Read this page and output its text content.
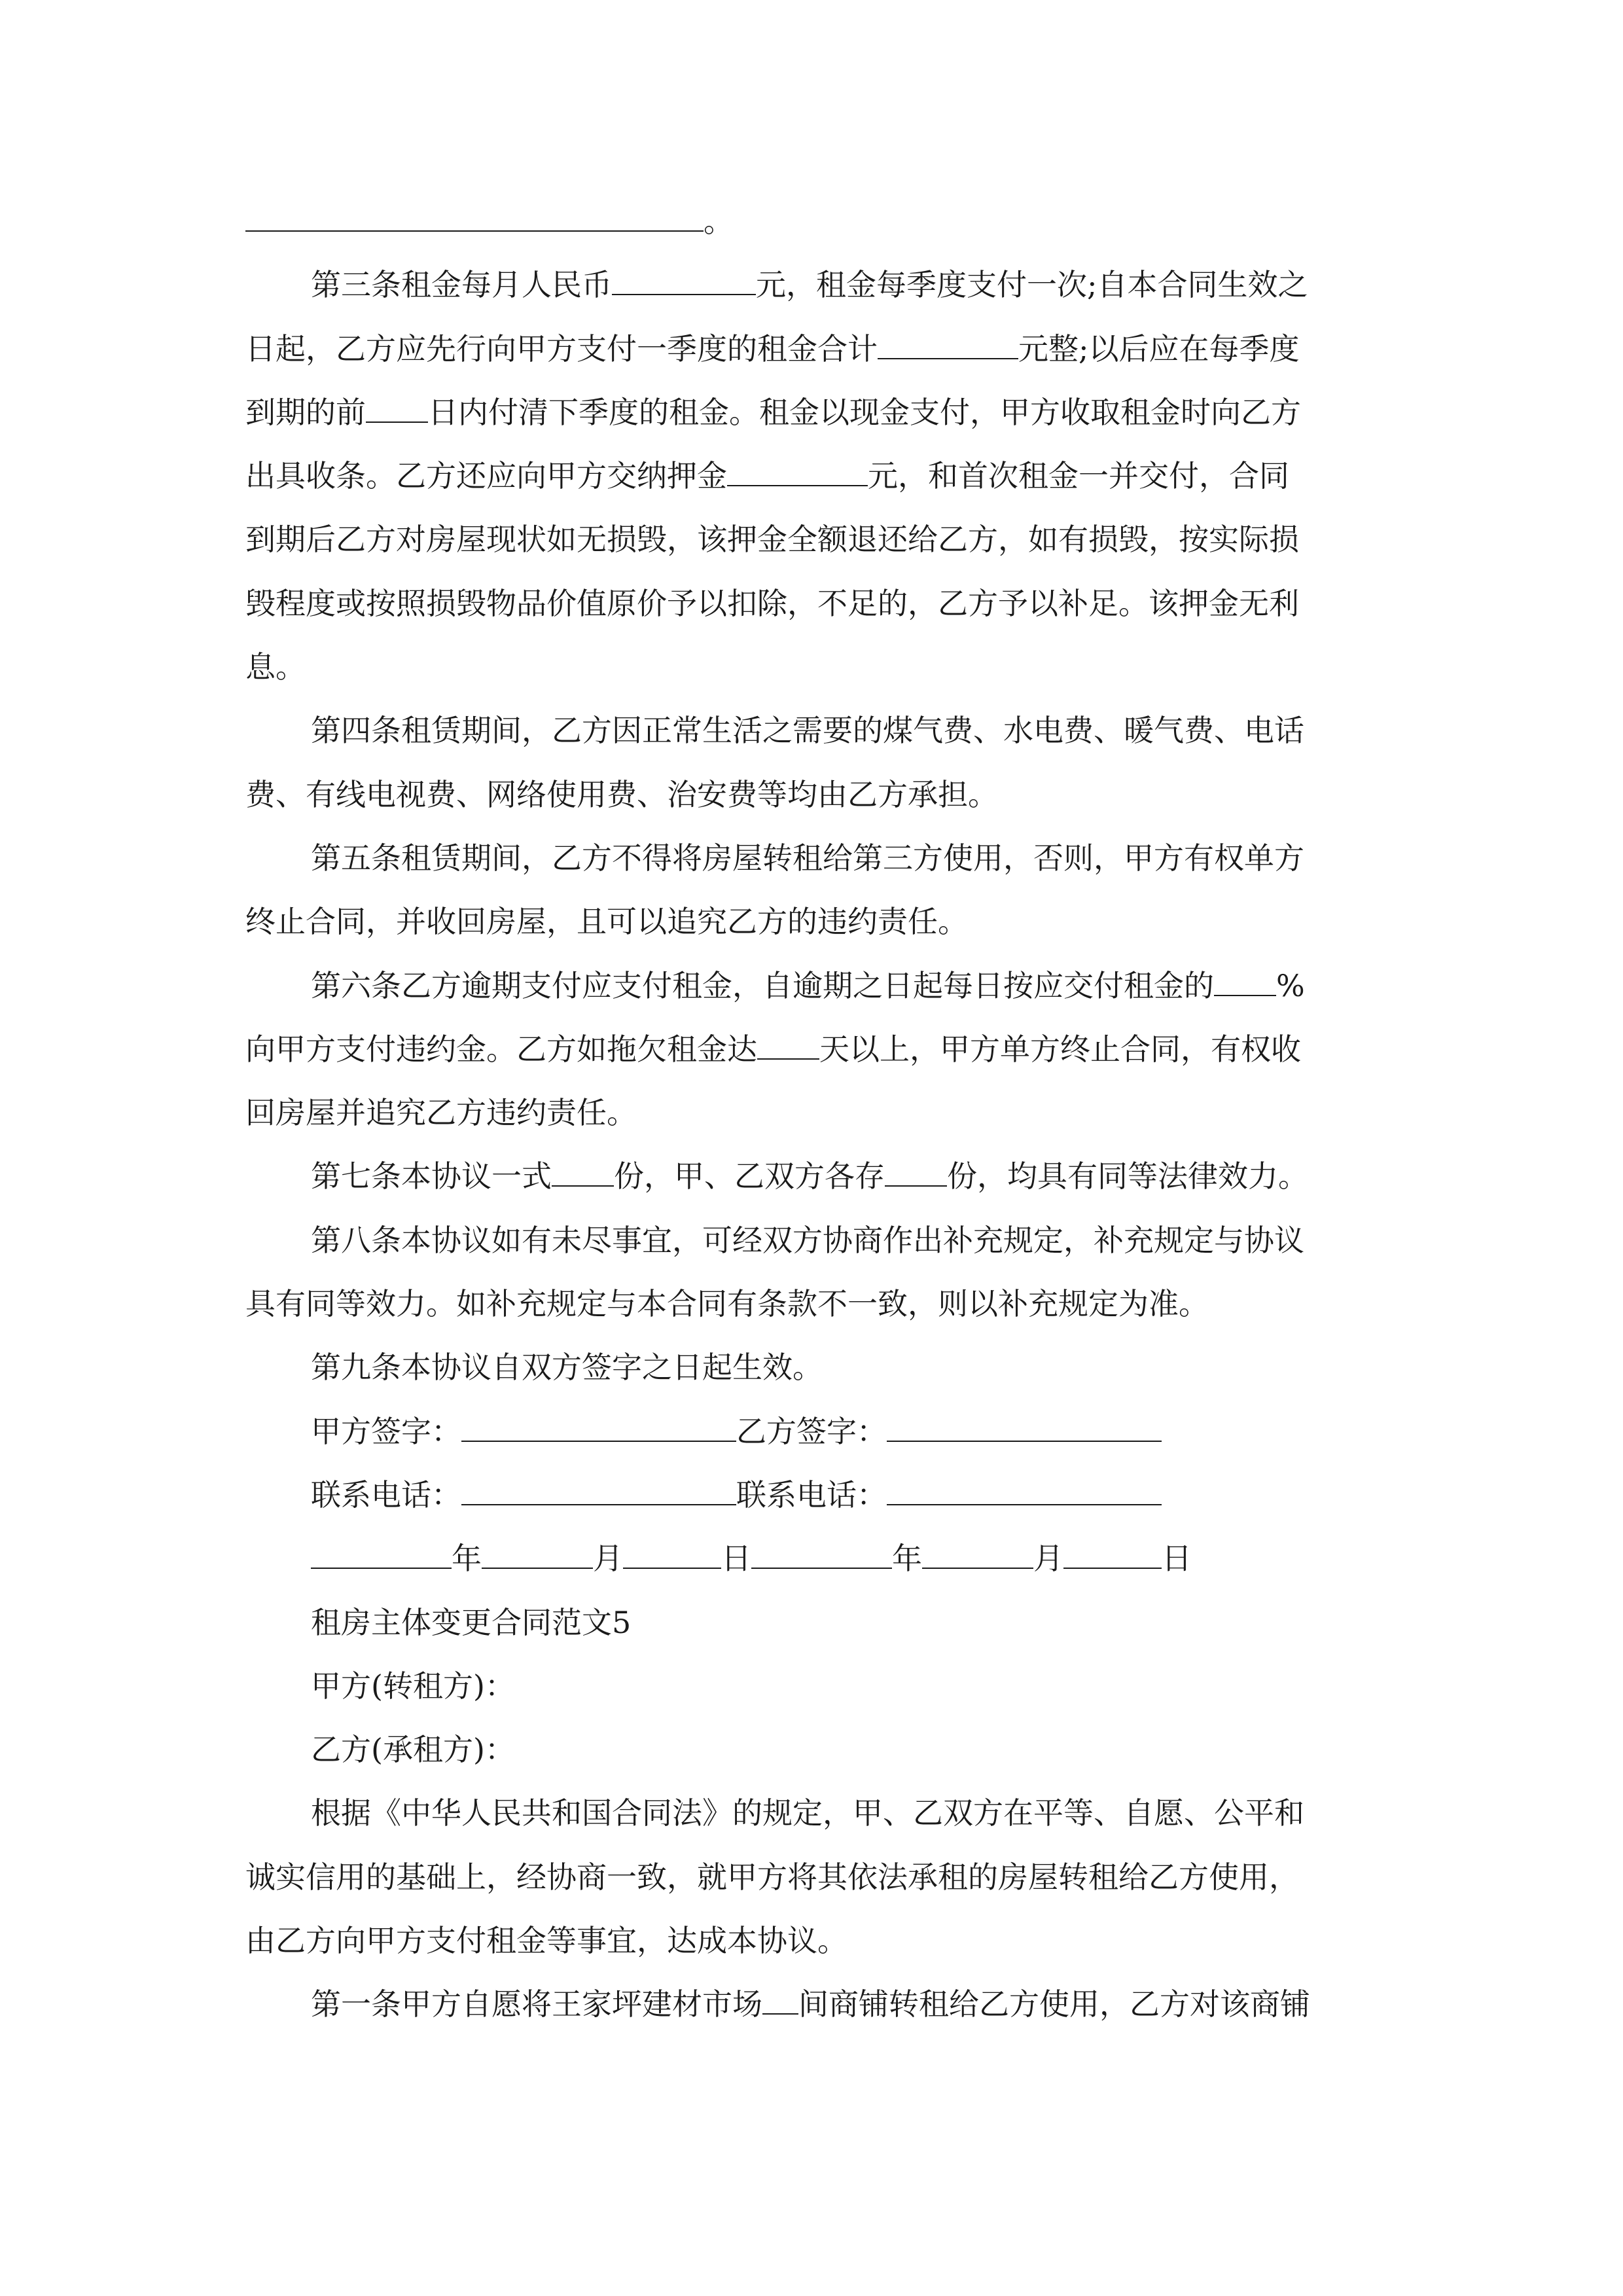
。
第三条租金每月人民币	元，租金每季度支付一次;自本合同生效之
日起，乙方应先行向甲方支付一季度的租金合计	元整;以后应在每季度
到期的前 日内付清下季度的租金。租金以现金支付，甲方收取租金时向乙方
出具收条。乙方还应向甲方交纳押金	元，和首次租金一并交付，合同
到期后乙方对房屋现状如无损毁，该押金全额退还给乙方，如有损毁，按实际损
毁程度或按照损毁物品价值原价予以扣除，不足的，乙方予以补足。该押金无利
息。
第四条租赁期间，乙方因正常生活之需要的煤气费、水电费、暖气费、电话
费、有线电视费、网络使用费、治安费等均由乙方承担。
第五条租赁期间，乙方不得将房屋转租给第三方使用，否则，甲方有权单方
终止合同，并收回房屋，且可以追究乙方的违约责任。
第六条乙方逾期支付应支付租金，自逾期之日起每日按应交付租金的 %
向甲方支付违约金。乙方如拖欠租金达 天以上，甲方单方终止合同，有权收
回房屋并追究乙方违约责任。
第七条本协议一式 份，甲、乙双方各存 份，均具有同等法律效力。
第八条本协议如有未尽事宜，可经双方协商作出补充规定，补充规定与协议
具有同等效力。如补充规定与本合同有条款不一致，则以补充规定为准。
第九条本协议自双方签字之日起生效。
甲方签字：	乙方签字：
联系电话：	联系电话：
年	月	日	年	月	日
租房主体变更合同范文5
甲方(转租方)：
乙方(承租方)：
根据《中华人民共和国合同法》的规定，甲、乙双方在平等、自愿、公平和
诚实信用的基础上，经协商一致，就甲方将其依法承租的房屋转租给乙方使用，
由乙方向甲方支付租金等事宜，达成本协议。
第一条甲方自愿将王家坪建材市场 间商铺转租给乙方使用，乙方对该商铺
